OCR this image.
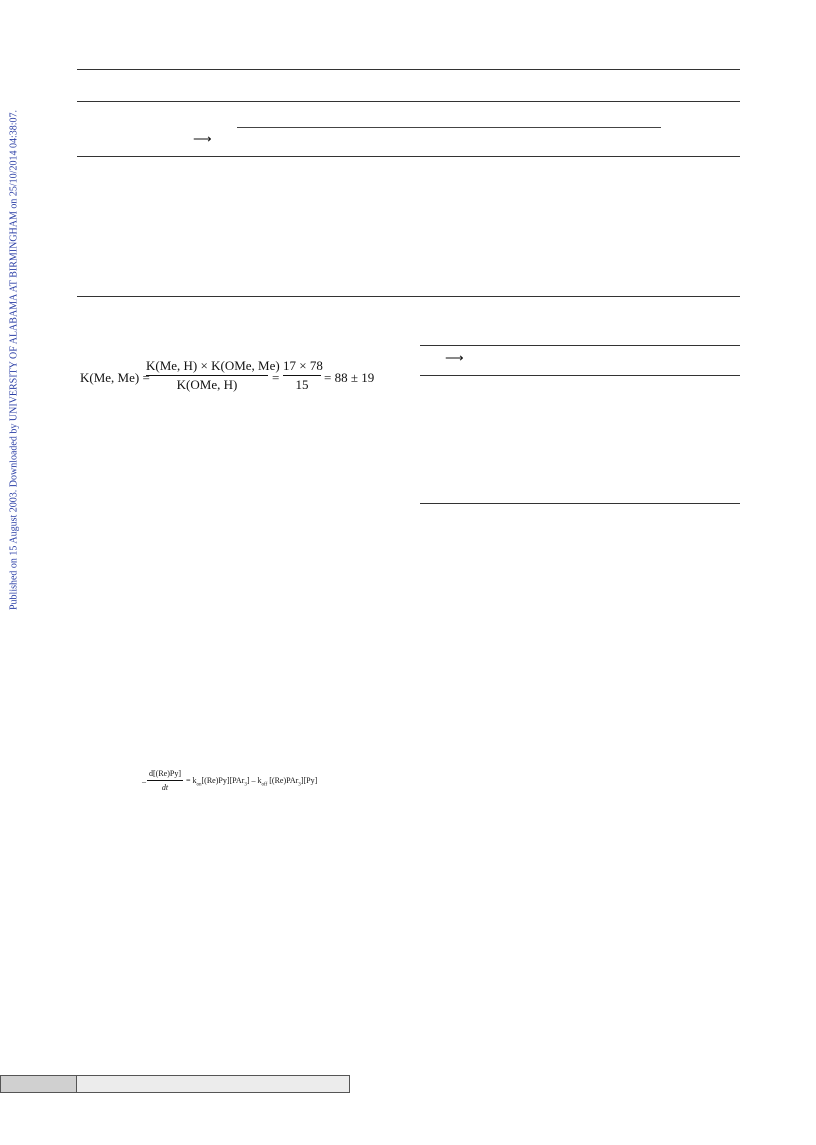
Published on 15 August 2003. Downloaded by UNIVERSITY OF ALABAMA AT BIRMINGHAM on 25/10/2014 04:38:07.	⟶
⟶
K(Me, Me) =
K(Me, H) × K(OMe, Me)
K(OMe, H)	=
17 × 78
15	= 88 ± 19
–
d[(Re)Py]
dt
= $k_{on}[(Re)Py][PAr_3] - k_{off}$ [(Re)PAr$_3$][Py]
